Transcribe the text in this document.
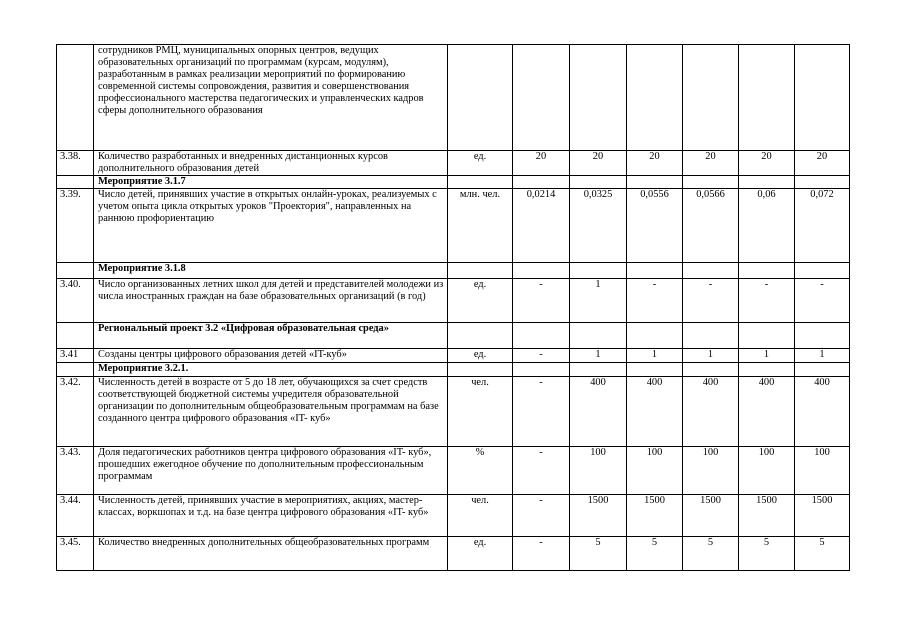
	сотрудников РМЦ, муниципальных опорных центров, ведущих образовательных организаций по программам (курсам, модулям), разработанным в рамках реализации мероприятий по формированию современной системы сопровождения, развития и совершенствования профессионального мастерства педагогических и управленческих кадров сферы дополнительного образования							
3.38.	Количество разработанных и внедренных дистанционных курсов дополнительного образования детей	ед.	20	20	20	20	20	20
	Мероприятие 3.1.7							
3.39.	Число детей, принявших участие в открытых онлайн-уроках, реализуемых с учетом опыта цикла открытых уроков "Проектория", направленных на раннюю профориентацию	млн. чел.	0,0214	0,0325	0,0556	0,0566	0,06	0,072
	Мероприятие 3.1.8							
3.40.	Число организованных летних школ для детей и представителей молодежи из числа иностранных граждан на базе образовательных организаций (в год)	ед.	-	1	-	-	-	-
	Региональный проект 3.2 «Цифровая образовательная среда»							
3.41	Созданы центры цифрового образования детей «IT-куб»	ед.	-	1	1	1	1	1
	Мероприятие 3.2.1.							
3.42.	Численность детей в возрасте от 5 до 18 лет, обучающихся за счет средств соответствующей бюджетной системы учредителя образовательной организации по дополнительным общеобразовательным программам на базе созданного центра цифрового образования «IT- куб»	чел.	-	400	400	400	400	400
3.43.	Доля педагогических работников центра цифрового образования «IT- куб», прошедших ежегодное обучение по дополнительным профессиональным программам	%	-	100	100	100	100	100
3.44.	Численность детей, принявших участие в мероприятиях, акциях, мастер-классах, воркшопах и т.д. на базе центра цифрового образования «IT- куб»	чел.	-	1500	1500	1500	1500	1500
3.45.	Количество внедренных дополнительных общеобразовательных программ	ед.	-	5	5	5	5	5
